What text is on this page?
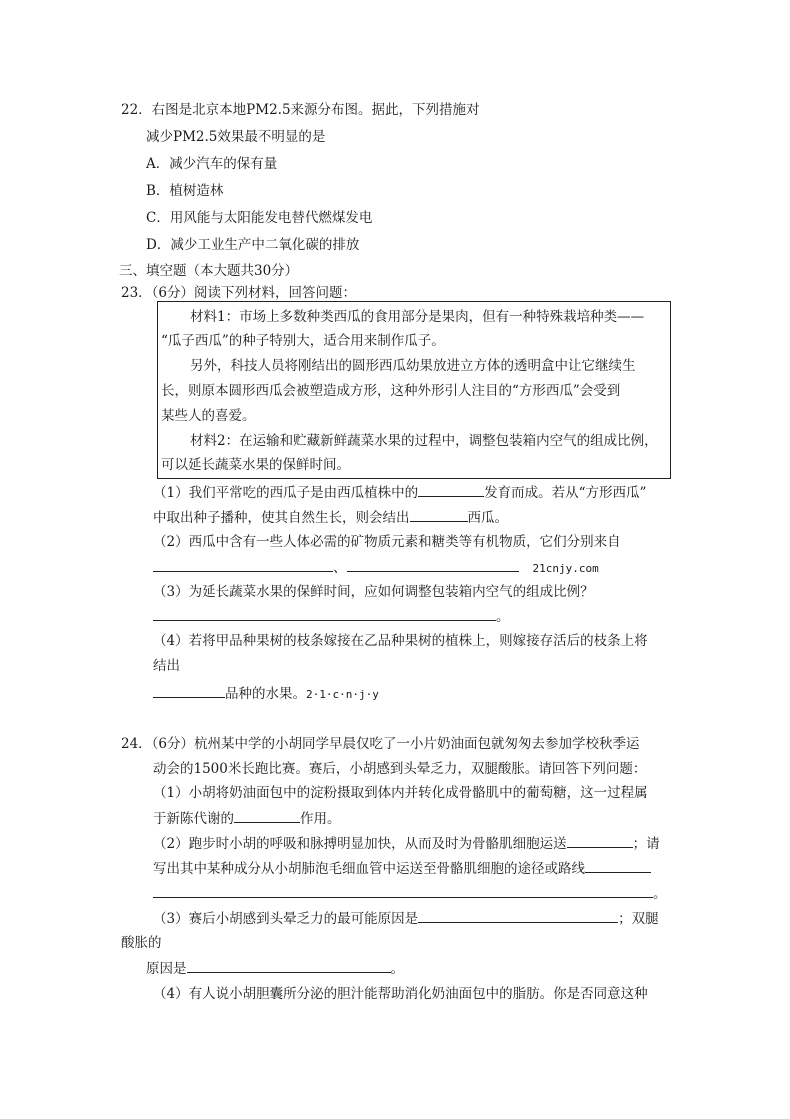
22．右图是北京本地PM2.5来源分布图。据此，下列措施对
减少PM2.5效果最不明显的是
A．减少汽车的保有量
B．植树造林
C．用风能与太阳能发电替代燃煤发电
D．减少工业生产中二氧化碳的排放
三、填空题（本大题共30分）
23．（6分）阅读下列材料，回答问题：
材料1：市场上多数种类西瓜的食用部分是果肉，但有一种特殊栽培种类——
“瓜子西瓜”的种子特别大，适合用来制作瓜子。
另外，科技人员将刚结出的圆形西瓜幼果放进立方体的透明盒中让它继续生
长，则原本圆形西瓜会被塑造成方形，这种外形引人注目的“方形西瓜”会受到
某些人的喜爱。
材料2：在运输和贮藏新鲜蔬菜水果的过程中，调整包装箱内空气的组成比例，
可以延长蔬菜水果的保鲜时间。
（1）我们平常吃的西瓜子是由西瓜植株中的	发育而成。若从“方形西瓜”
中取出种子播种，使其自然生长，则会结出	西瓜。
（2）西瓜中含有一些人体必需的矿物质元素和糖类等有机物质，它们分别来自
、	21cnjy.com
（3）为延长蔬菜水果的保鲜时间，应如何调整包装箱内空气的组成比例？
。
（4）若将甲品种果树的枝条嫁接在乙品种果树的植株上，则嫁接存活后的枝条上将
结出
品种的水果。2·1·c·n·j·y
24．（6分）杭州某中学的小胡同学早晨仅吃了一小片奶油面包就匆匆去参加学校秋季运
动会的1500米长跑比赛。赛后，小胡感到头晕乏力，双腿酸胀。请回答下列问题：
（1）小胡将奶油面包中的淀粉摄取到体内并转化成骨骼肌中的葡萄糖，这一过程属
于新陈代谢的	作用。
（2）跑步时小胡的呼吸和脉搏明显加快，从而及时为骨骼肌细胞运送	；请
写出其中某种成分从小胡肺泡毛细血管中运送至骨骼肌细胞的途径或路线
。
（3）赛后小胡感到头晕乏力的最可能原因是	；双腿
酸胀的
原因是	。
（4）有人说小胡胆囊所分泌的胆汁能帮助消化奶油面包中的脂肪。你是否同意这种
